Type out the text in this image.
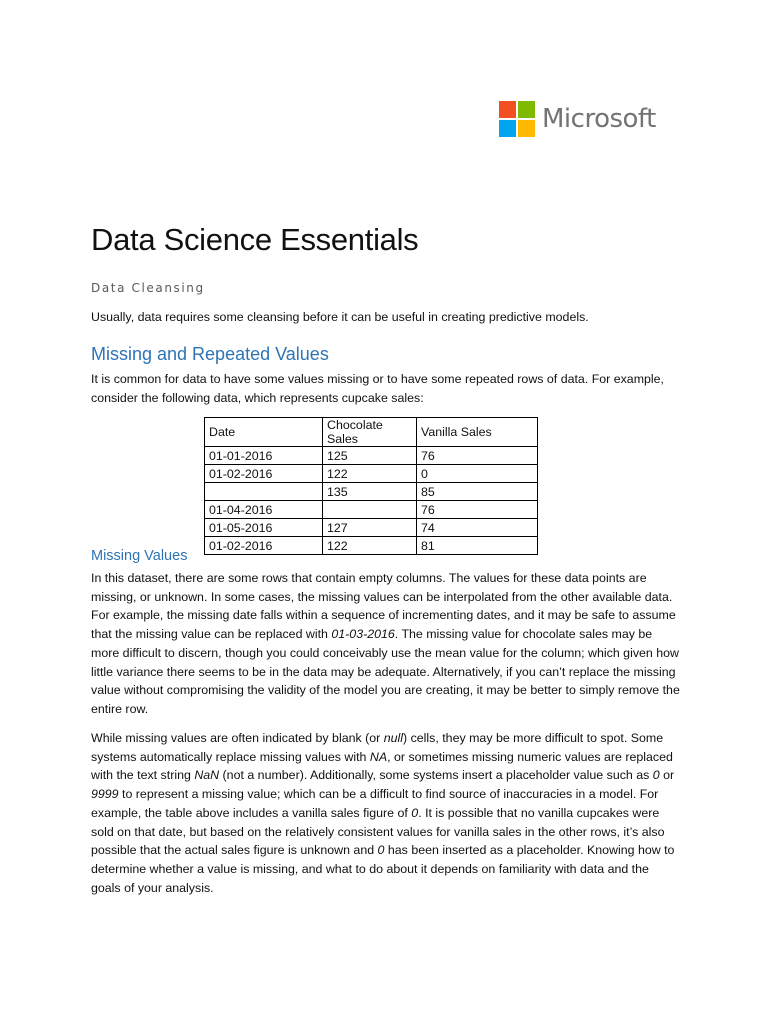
Microsoft
Data Science Essentials

Data Cleansing

Usually, data requires some cleansing before it can be useful in creating predictive models.

Missing and Repeated Values

It is common for data to have some values missing or to have some repeated rows of data. For example, consider the following data, which represents cupcake sales:

Date	Chocolate Sales	Vanilla Sales
01-01-2016	125	76
01-02-2016	122	0
	135	85
01-04-2016		76
01-05-2016	127	74
01-02-2016	122	81
Missing Values

In this dataset, there are some rows that contain empty columns. The values for these data points are missing, or unknown. In some cases, the missing values can be interpolated from the other available data. For example, the missing date falls within a sequence of incrementing dates, and it may be safe to assume that the missing value can be replaced with 01-03-2016. The missing value for chocolate sales may be more difficult to discern, though you could conceivably use the mean value for the column; which given how little variance there seems to be in the data may be adequate. Alternatively, if you can’t replace the missing value without compromising the validity of the model you are creating, it may be better to simply remove the entire row.

While missing values are often indicated by blank (or null) cells, they may be more difficult to spot. Some systems automatically replace missing values with NA, or sometimes missing numeric values are replaced with the text string NaN (not a number). Additionally, some systems insert a placeholder value such as 0 or 9999 to represent a missing value; which can be a difficult to find source of inaccuracies in a model. For example, the table above includes a vanilla sales figure of 0. It is possible that no vanilla cupcakes were sold on that date, but based on the relatively consistent values for vanilla sales in the other rows, it’s also possible that the actual sales figure is unknown and 0 has been inserted as a placeholder. Knowing how to determine whether a value is missing, and what to do about it depends on familiarity with data and the goals of your analysis.
